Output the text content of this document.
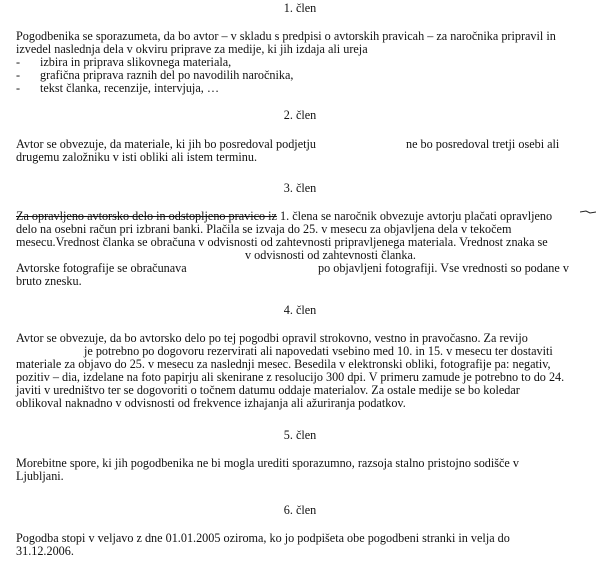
1. člen
Pogodbenika se sporazumeta, da bo avtor – v skladu s predpisi o avtorskih pravicah – za naročnika pripravil in
izvedel naslednja dela v okviru priprave za medije, ki jih izdaja ali ureja
- izbira in priprava slikovnega materiala,
- grafična priprava raznih del po navodilih naročnika,
- tekst članka, recenzije, intervjuja, …
2. člen
Avtor se obvezuje, da materiale, ki jih bo posredoval podjetju	ne bo posredoval tretji osebi ali
drugemu založniku v isti obliki ali istem terminu.
3. člen
Za opravljeno avtorsko delo in odstopljeno pravico iz 1. člena se naročnik obvezuje avtorju plačati opravljeno
delo na osebni račun pri izbrani banki. Plačila se izvaja do 25. v mesecu za objavljena dela v tekočem
mesecu.Vrednost članka se obračuna v odvisnosti od zahtevnosti pripravljenega materiala. Vrednost znaka se
v odvisnosti od zahtevnosti članka.
Avtorske fotografije se obračunava	po objavljeni fotografiji. Vse vrednosti so podane v
bruto znesku.
4. člen
Avtor se obvezuje, da bo avtorsko delo po tej pogodbi opravil strokovno, vestno in pravočasno. Za revijo
je potrebno po dogovoru rezervirati ali napovedati vsebino med 10. in 15. v mesecu ter dostaviti
materiale za objavo do 25. v mesecu za naslednji mesec. Besedila v elektronski obliki, fotografije pa: negativ,
pozitiv – dia, izdelane na foto papirju ali skenirane z resolucijo 300 dpi. V primeru zamude je potrebno to do 24.
javiti v uredništvo ter se dogovoriti o točnem datumu oddaje materialov. Za ostale medije se bo koledar
oblikoval naknadno v odvisnosti od frekvence izhajanja ali ažuriranja podatkov.
5. člen
Morebitne spore, ki jih pogodbenika ne bi mogla urediti sporazumno, razsoja stalno pristojno sodišče v
Ljubljani.
6. člen
Pogodba stopi v veljavo z dne 01.01.2005 oziroma, ko jo podpišeta obe pogodbeni stranki in velja do
31.12.2006.
